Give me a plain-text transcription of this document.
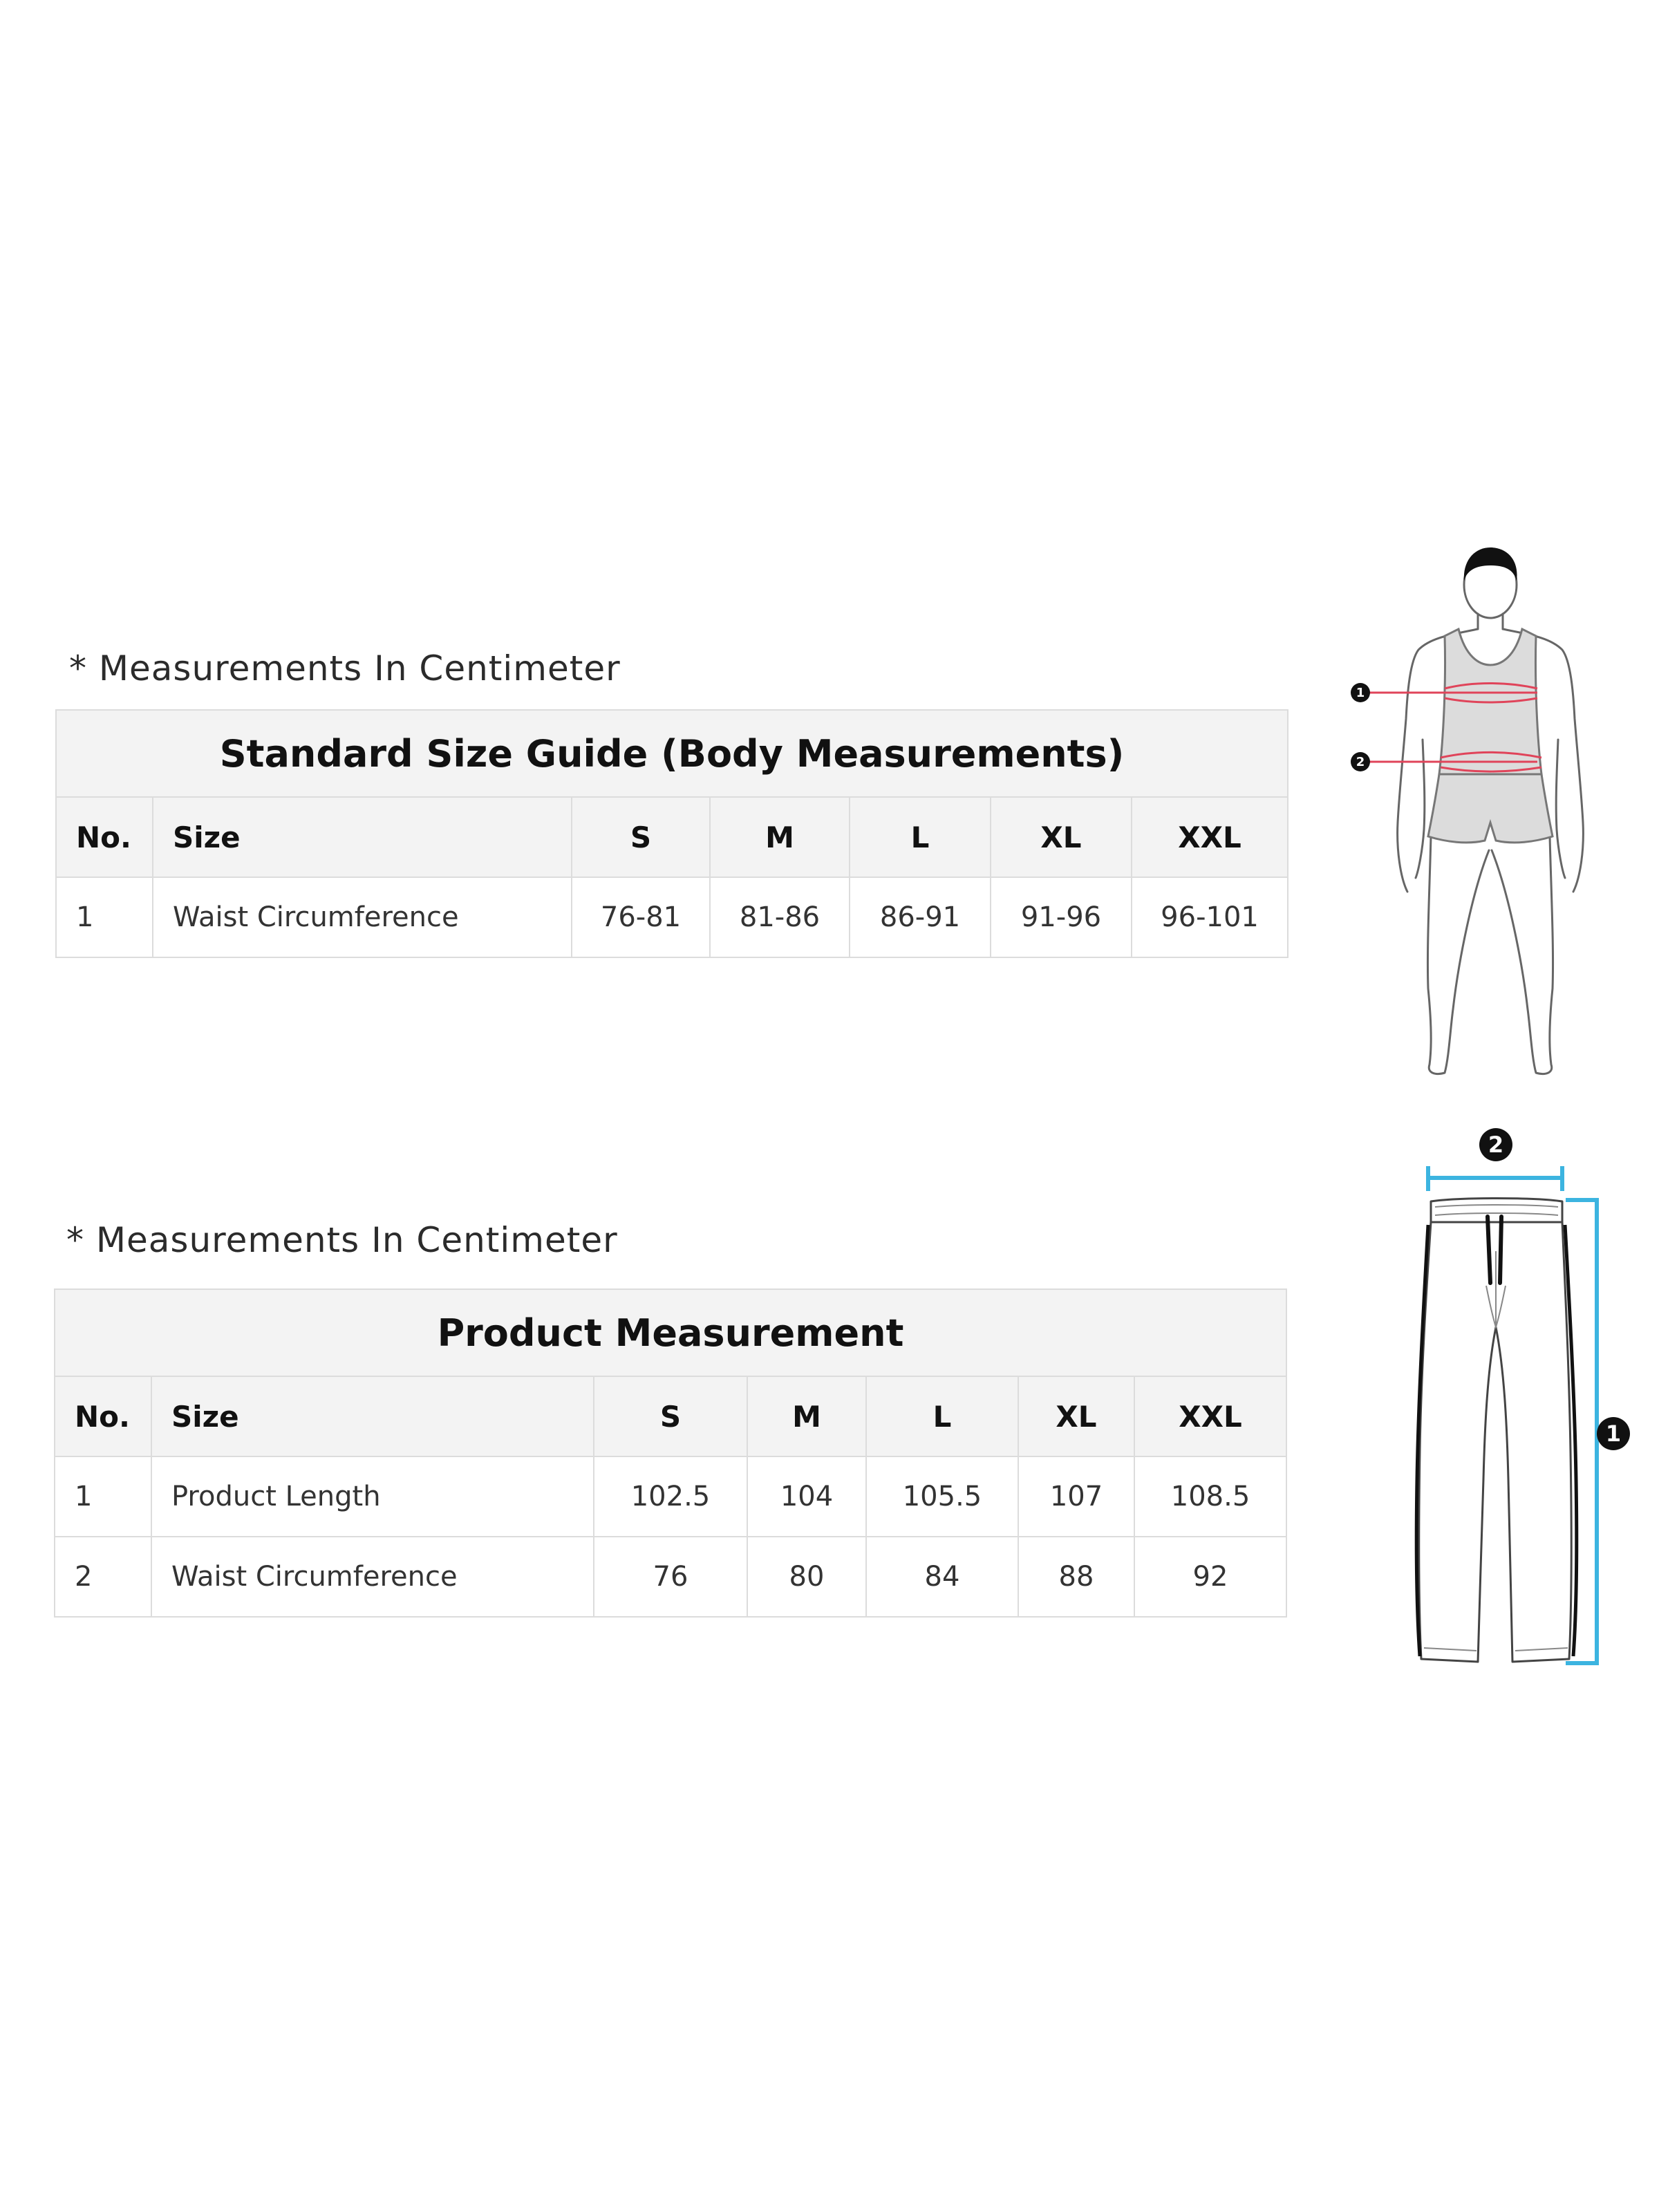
* Measurements In Centimeter
Standard Size Guide (Body Measurements)						
No.	Size	S	M	L	XL	XXL
1	Waist Circumference	76-81	81-86	86-91	91-96	96-101
1
2
* Measurements In Centimeter
Product Measurement						
No.	Size	S	M	L	XL	XXL
1	Product Length	102.5	104	105.5	107	108.5
2	Waist Circumference	76	80	84	88	92
2
1
